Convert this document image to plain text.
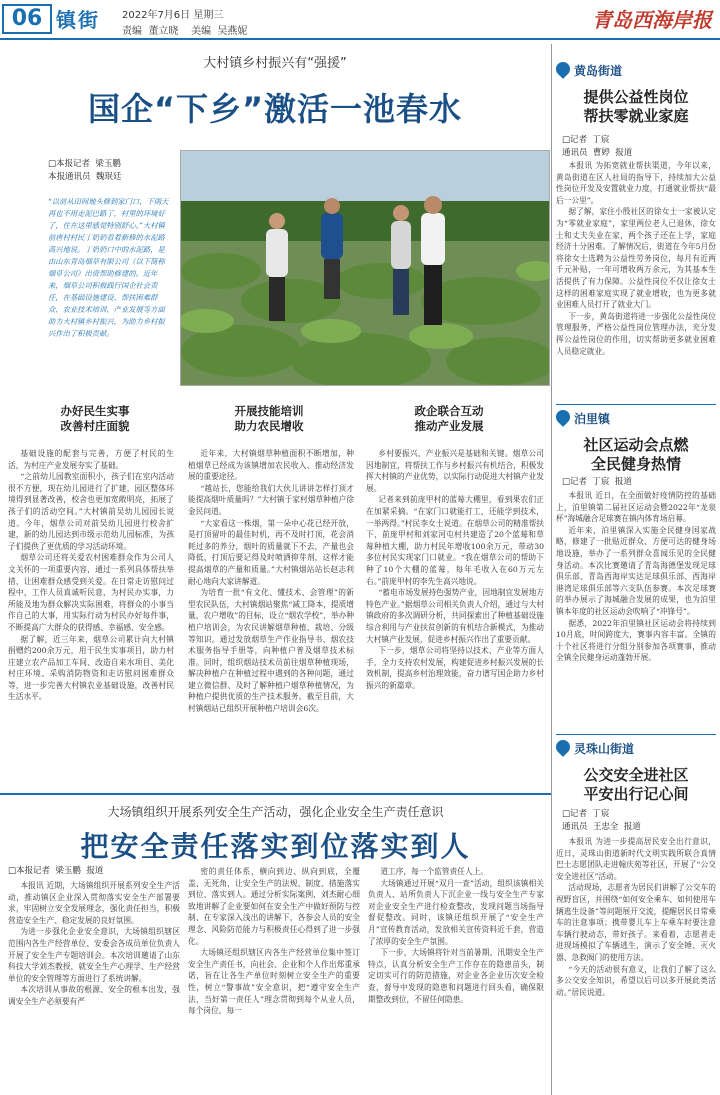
06 镇街 2022年7月6日 星期三
责编  董立晓    美编  吴燕妮	青岛西海岸报
大村镇乡村振兴有“强援”
国企“下乡”激活一池春水
□本报记者  梁玉鹏
本报通讯员  魏珉廷
“以前从田间地头修到家门口，下雨天再也不用走泥巴路了，村里的环境好了，住在这里感觉特别舒心。”大村镇前唐村村民丁奶奶看着新修的水泥路高兴地说。丁奶奶口中的水泥路，是由山东青岛烟草有限公司（以下简称烟草公司）出资帮助修建的。近年来，烟草公司积极践行国企社会责任，在基础设施建设、帮扶困难群众、农业技术培训、产业发展等方面助力大村镇乡村振兴，为助力乡村振兴作出了积极贡献。
办好民生实事
改善村庄面貌
开展技能培训
助力农民增收
政企联合互动
推动产业发展

基础设施的配套与完善，方便了村民的生活，为村庄产业发展夯实了基础。

“之前幼儿园教室面积小，孩子们在室内活动很不方便，现在幼儿园进行了扩建，园区整体环境得到显著改善，校舍也更加宽敞明亮，拓展了孩子们的活动空间。”大村镇前吴幼儿园园长说道。今年，烟草公司对前吴幼儿园进行校舍扩建，新的幼儿园达到市级示范幼儿园标准，为孩子们提供了更优质的学习活动环境。

烟草公司还将关爱农村困难群众作为公司人文关怀的一项重要内容，通过一系列具体帮扶举措，让困难群众感受到关爱。在日常走访慰问过程中，工作人员真诚听民意，为村民办实事，力所能及地为群众解决实际困难，将群众的小事当作自己的大事，用实际行动为村民办好每件事，不断提高广大群众的获得感、幸福感、安全感。

据了解，近三年来，烟草公司累计向大村镇捐赠约200余万元，用于民生实事项目，助力村庄建立农产品加工车间、改造自来水项目、美化村庄环境、采购消防物资和走访慰问困难群众等，进一步完善大村镇农业基础设施，改善村民生活水平。

近年来，大村镇烟草种植面积不断增加，种植烟草已经成为该镇增加农民收入、推动经济发展的重要途径。

“越站长，您能给我们大伙儿讲讲怎样打顶才能提高烟叶质量吗？”大村镇于家村烟草种植户徐金民问道。

“大家看这一株烟，第一朵中心花已经开放，是打顶留叶的最佳时机，再不及时打顶，花会消耗过多的养分，烟叶的质量就下不去，产量也会降低，打顶后要记得及时喷洒抑芽剂，这样才能提高烟草的产量和质量。”大村镇烟站站长赵志利耐心地向大家讲解道。

为培育一批“有文化、懂技术、会管理”的新型农民队伍，大村镇烟站聚焦“减工降本，提质增量，农户增收”的目标，设立“烟农学校”，举办种植户培训会，为农民讲解烟草种植、栽培、分级等知识。通过发放烟草生产作业指导书、烟农技术服务指导手册等，向种植户普及烟草技术标准。同时，组织烟站技术员前往烟草种植现场，解决种植户在种植过程中遇到的各种问题，通过建立微信群、及时了解种植户烟草种植情况，为种植户提供优质的生产技术服务。截至目前，大村镇烟站已组织开展种植户培训会6次。

乡村要振兴，产业振兴是基础和关键。烟草公司因地制宜，将帮扶工作与乡村振兴有机结合，积极发挥大村镇的产业优势，以实际行动促进大村镇产业发展。

记者来到前庞甲村的蓝莓大棚里，看到果农们正在加紧采摘。“在家门口就能打工，还能学到技术，一举两得。”村民李女士说道。在烟草公司的精准帮扶下，前庞甲村和刘家河屯村共建造了20个蓝莓和草莓种植大棚，助力村民年增收100余万元，带动30多位村民实现家门口就业。“我在烟草公司的帮助下种了10个大棚的蓝莓，每年毛收入在60万元左右。”前庞甲村的李先生高兴地说。

“蓄电市场发展持色强势产业，因地制宜发展地方特色产业。”据烟草公司相关负责人介绍，通过与大村镇政府的多次调研分析，共同探索出了种植基础设施综合利用与产业扶贫创新的有机结合新模式，为推动大村镇产业发展，促进乡村振兴作出了重要贡献。

下一步，烟草公司将坚持以技术、产业等方面人手，全力支持农村发展，构建促进乡村振兴发展的长效机制，提高乡村治理效能，奋力谱写国企助力乡村振兴的新篇章。

大场镇组织开展系列安全生产活动，强化企业安全生产责任意识
把安全责任落实到位落实到人
□本报记者  梁玉鹏  报道

本报讯 近期，大场镇组织开展系列安全生产活动，推动镇区企业深入贯彻落实安全生产部署要求，牢固树立安全发展理念，强化责任担当，积极营造安全生产、稳定发展的良好氛围。

为进一步强化企业安全意识，大场镇组织辖区范围内各生产经营单位、安委会各成员单位负责人开展了安全生产专题培训会。本次培训邀请了山东科技大学刘杰教授，就安全生产心理学、生产经营单位的安全管理等方面进行了系统讲解。

本次培训从事故的根源、安全的根本出发，强调安全生产必须要有严

密的责任体系，横向到边、纵向到底，全覆盖、无死角，让安全生产的法规、制度、措施落实到位、落实到人。通过分析实际案例，刘杰耐心细致地讲解了企业要如何在安全生产中做好预防与控制、在专家深入浅出的讲解下，各参会人员的安全理念、风险防范能力与积极责任心得到了进一步强化。

大场镇还组织辖区内各生产经营单位集中签订安全生产责任书，向社会、企业和个人作出郑重承诺，旨在让各生产单位时刻树立安全生产的重要性，树立“警事故”安全意识，把“遵守安全生产法，当好第一责任人”理念贯彻到每个从业人员，每个岗位，每一

道工序，每一个监管责任人上。

大场镇通过开展“双月一查”活动，组织该镇相关负责人、站所负责人下沉企业一线与安全生产专家对企业安全生产进行检查整改，发现问题当场指导督促整改。同时，该镇还组织开展了“安全生产月”宣传教育活动，发放相关宣传资料近千套，营造了浓厚的安全生产氛围。

下一步，大场镇将针对当前暑期、汛期安全生产特点，认真分析安全生产工作存在的隐患苗头，制定切实可行的防范措施，对企业各企业历次安全检查，督导中发现的隐患和问题进行回头看，确保限期整改到位，不留任何隐患。

黄岛街道
提供公益性岗位
帮扶零就业家庭
□记者  丁宸
通讯员  曹婷  报道

本报讯 为拓宽就业帮扶渠道，今年以来，黄岛街道在区人社局的指导下，持续加大公益性岗位开发及安置就业力度，打通就业帮扶“最后一公里”。

据了解，家住小殷社区的徐女士一家被认定为“零就业家庭”，家里两位老人已退休，徐女士和丈夫失业在家，两个孩子还在上学，家庭经济十分困难。了解情况后，街道在今年5月份将徐女士选聘为公益性劳务岗位，每月有近两千元补贴，一年可增收两万余元，为其基本生活提供了有力保障。公益性岗位不仅让徐女士这样的困难家庭实现了就业增收，也为更多就业困难人员打开了就业大门。

下一步，黄岛街道将进一步强化公益性岗位管理服务，严格公益性岗位管理办法，充分发挥公益性岗位的作用，切实帮助更多就业困难人员稳定就业。

泊里镇
社区运动会点燃
全民健身热情
□记者  丁宸  报道

本报讯 近日，在全面做好疫情防控的基础上，泊里镇第二届社区运动会暨2022年“龙泉杯”海城融合足球赛在镇内体育场启幕。

近年来，泊里镇深入实施全民健身国家战略，修建了一批贴近群众、方便可达的健身场地设施，举办了一系列群众喜闻乐见的全民健身活动。本次比赛邀请了青岛海德堡发现足球俱乐部、青岛西海岸实达足球俱乐部、西海岸港湾足球俱乐部等六支队伍参赛。本次足球赛的举办展示了海城融合发展的成果，也为泊里镇本年度的社区运动会吹响了“冲锋号”。

据悉，2022年泊里镇社区运动会将持续到10月底，时间跨度大，赛事内容丰富。全镇的十个社区将进行分组分别参加各项赛事，推动全镇全民健身运动蓬勃开展。

灵珠山街道
公交安全进社区
平安出行记心间
□记者  丁宸
通讯员  王忠全  报道

本报讯 为进一步提高居民安全出行意识，近日，灵珠山街道新时代文明实践所联合真情巴士志愿团队走进翰庆苑等社区，开展了“公交安全进社区”活动。

活动现场，志愿者为居民们讲解了公交车的视野盲区，并围绕“如何安全乘车、如何使用车辆逃生设备”等问题展开交流，提醒居民日常乘车的注意事项；携带婴儿车上车乘车时要注意车辆行驶动态，带好孩子。来看着，志愿者走进现场模拟了车辆逃生，演示了安全锤、灭火器、急救阀门的使用方法。

“今天的活动很有意义，让我们了解了这么多公交安全知识，希望以后可以多开展此类活动。”居民说道。
